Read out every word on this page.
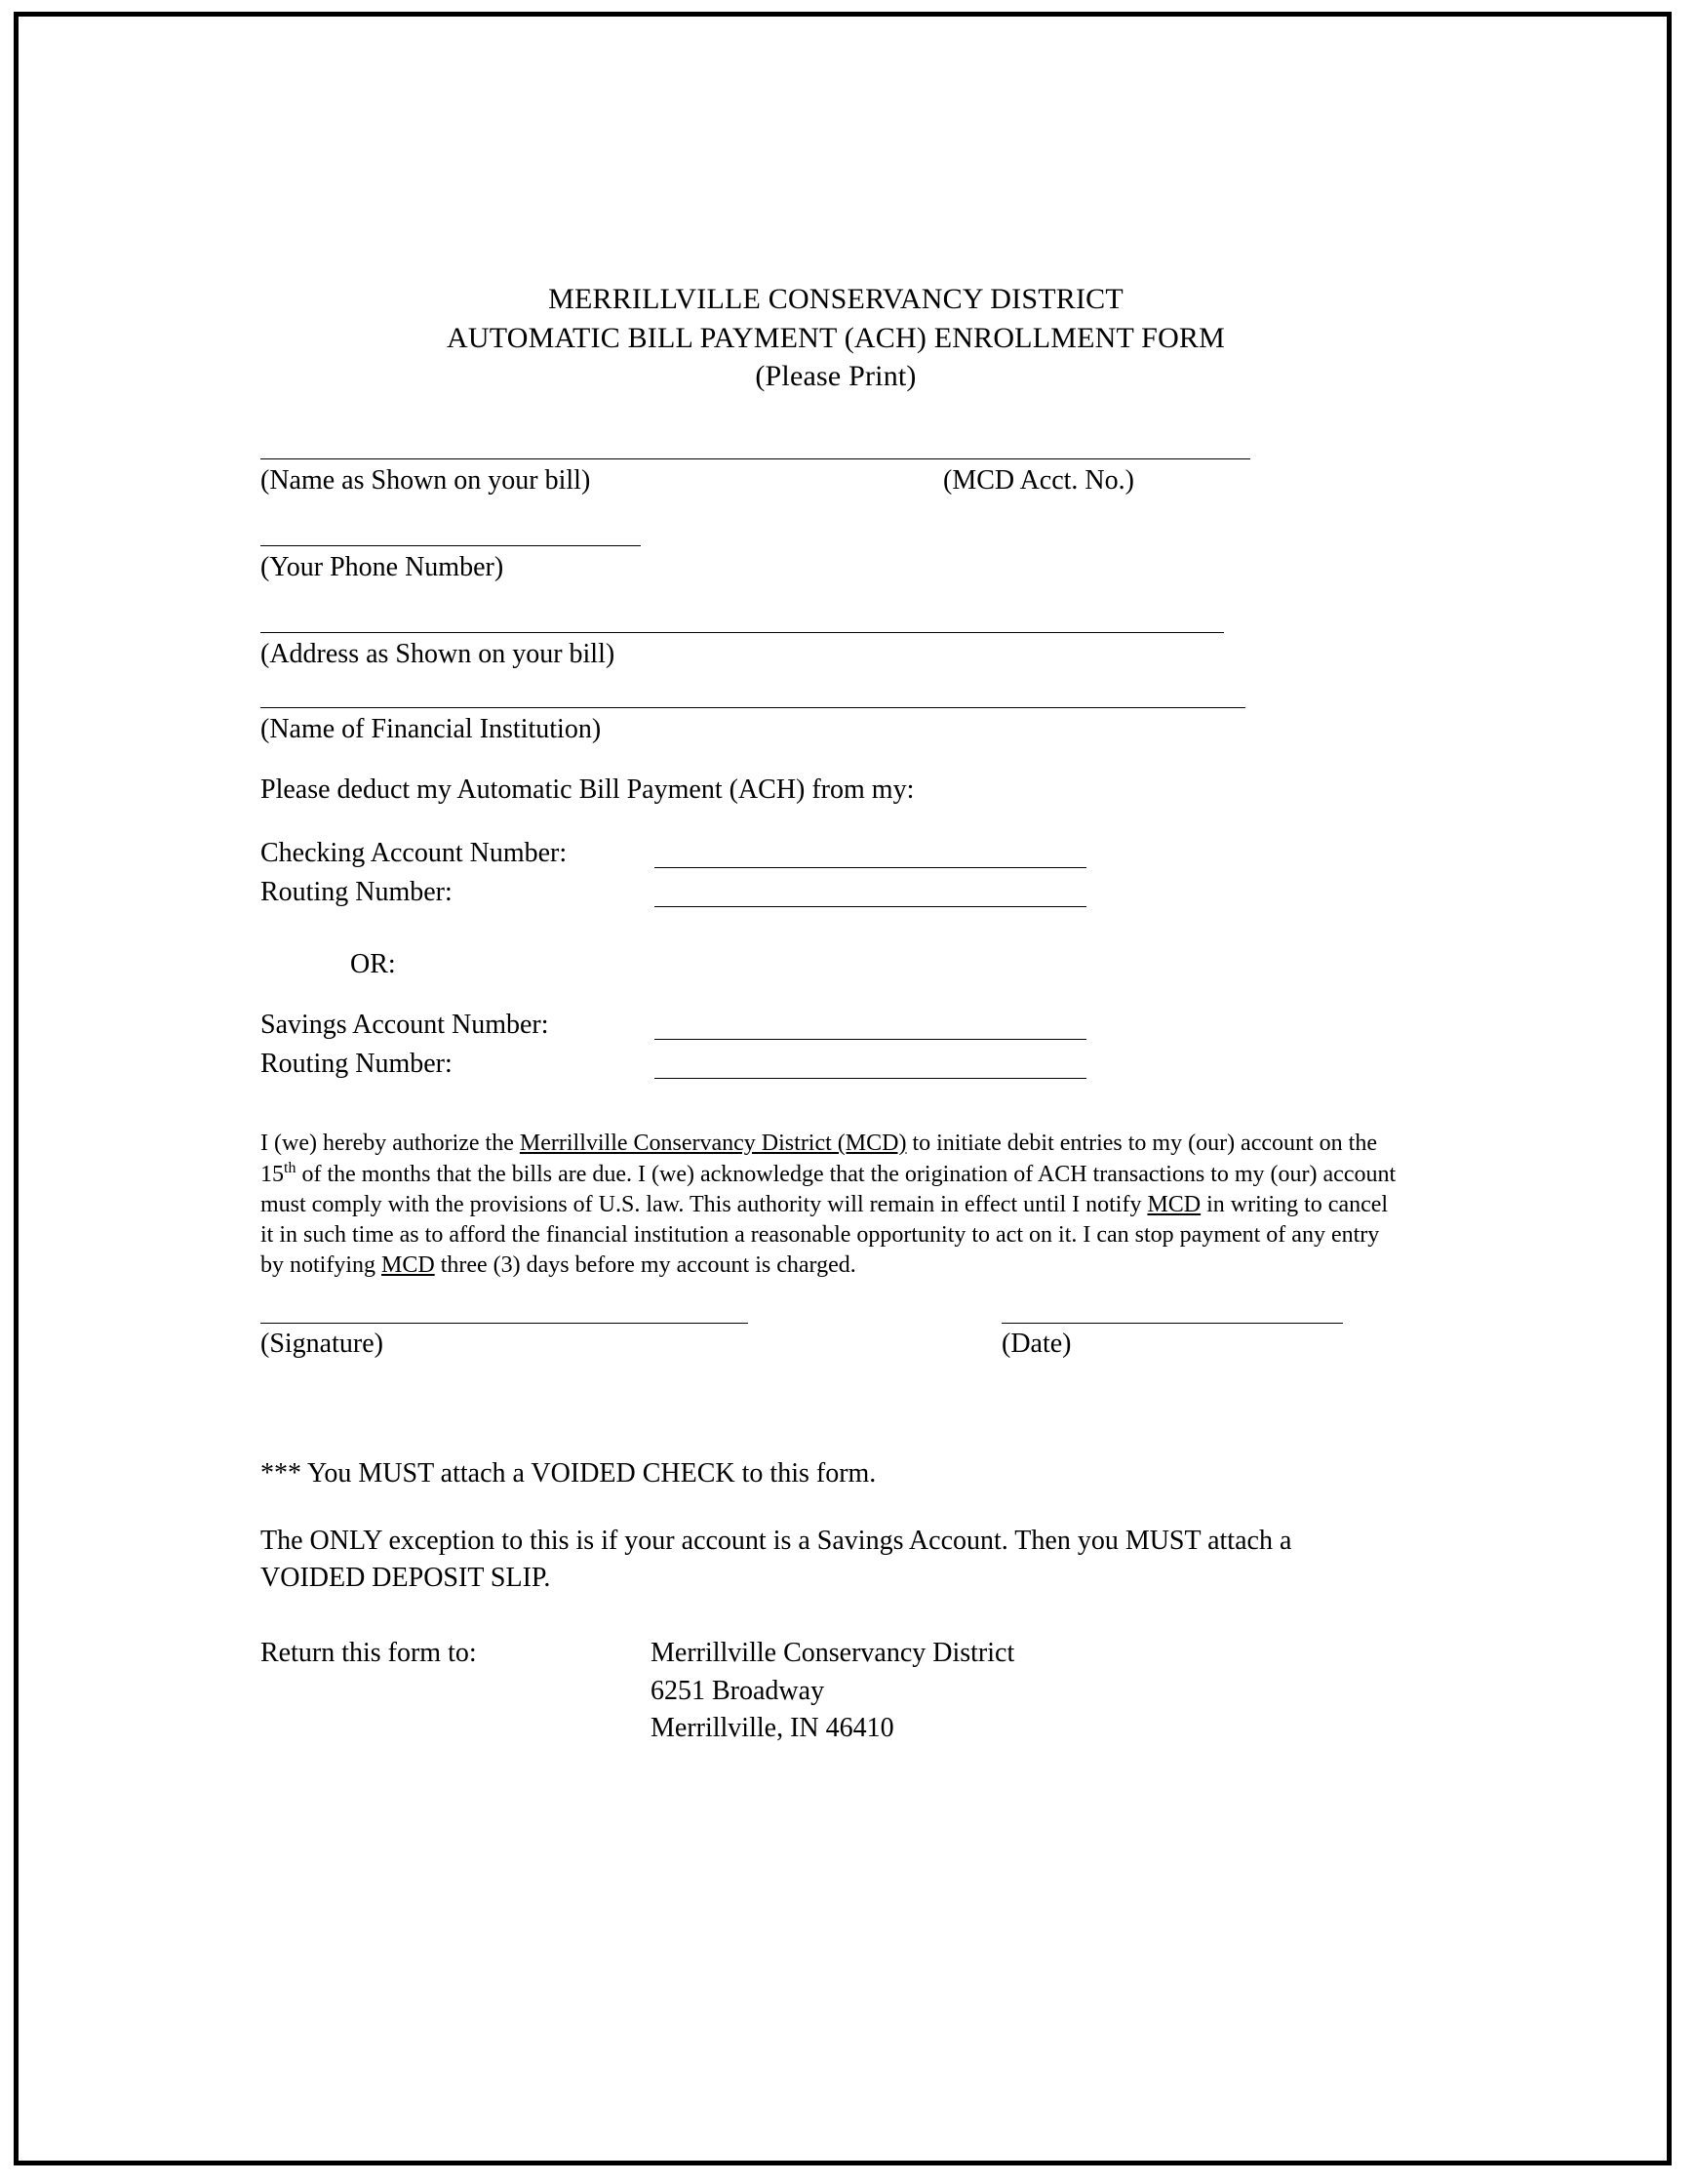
MERRILLVILLE CONSERVANCY DISTRICT
AUTOMATIC BILL PAYMENT (ACH) ENROLLMENT FORM
(Please Print)
(Name as Shown on your bill)	(MCD Acct. No.)
(Your Phone Number)
(Address as Shown on your bill)
(Name of Financial Institution)
Please deduct my Automatic Bill Payment (ACH) from my:
Checking Account Number:
Routing Number:
OR:
Savings Account Number:
Routing Number:
I (we) hereby authorize the Merrillville Conservancy District (MCD) to initiate debit entries to my (our) account on the 15th of the months that the bills are due. I (we) acknowledge that the origination of ACH transactions to my (our) account must comply with the provisions of U.S. law. This authority will remain in effect until I notify MCD in writing to cancel it in such time as to afford the financial institution a reasonable opportunity to act on it. I can stop payment of any entry by notifying MCD three (3) days before my account is charged.
(Signature)	(Date)
*** You MUST attach a VOIDED CHECK to this form.
The ONLY exception to this is if your account is a Savings Account. Then you MUST attach a VOIDED DEPOSIT SLIP.
Return this form to:	Merrillville Conservancy District
6251 Broadway
Merrillville, IN 46410
